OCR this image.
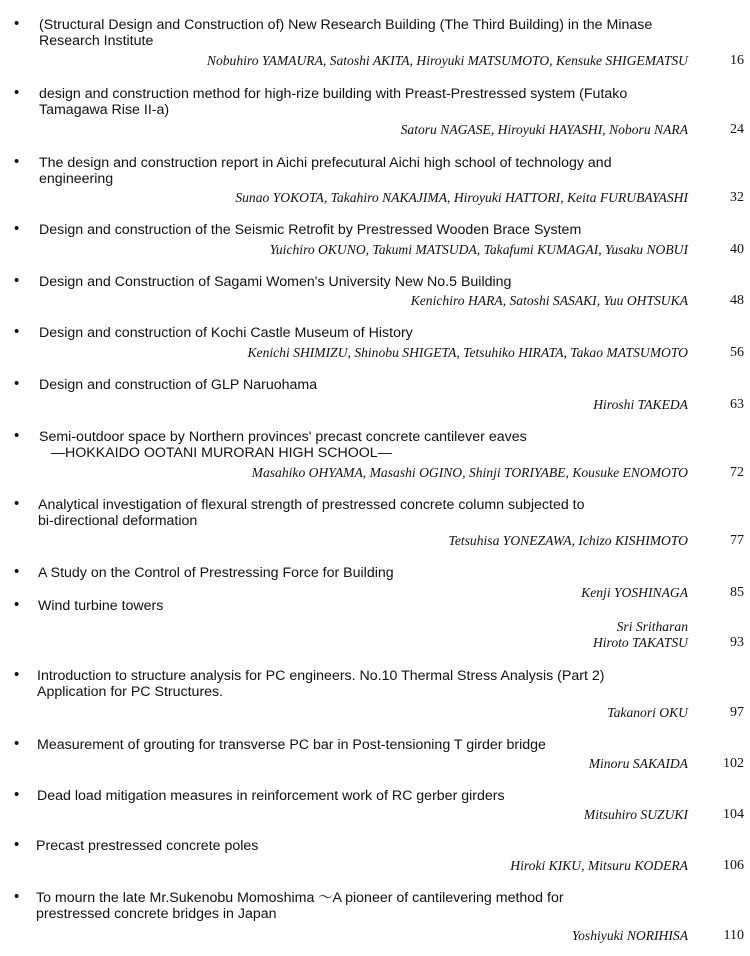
• (Structural Design and Construction of) New Research Building (The Third Building) in the Minase
Research Institute
Nobuhiro YAMAURA, Satoshi AKITA, Hiroyuki MATSUMOTO, Kensuke SHIGEMATSU	16
• design and construction method for high-rize building with Preast-Prestressed system (Futako
Tamagawa Rise II-a)
Satoru NAGASE, Hiroyuki HAYASHI, Noboru NARA	24
• The design and construction report in Aichi prefecutural Aichi high school of technology and
engineering
Sunao YOKOTA, Takahiro NAKAJIMA, Hiroyuki HATTORI, Keita FURUBAYASHI	32
• Design and construction of the Seismic Retrofit by Prestressed Wooden Brace System
Yuichiro OKUNO, Takumi MATSUDA, Takafumi KUMAGAI, Yusaku NOBUI	40
• Design and Construction of Sagami Women's University New No.5 Building
Kenichiro HARA, Satoshi SASAKI, Yuu OHTSUKA	48
• Design and construction of Kochi Castle Museum of History
Kenichi SHIMIZU, Shinobu SHIGETA, Tetsuhiko HIRATA, Takao MATSUMOTO	56
• Design and construction of GLP Naruohama
Hiroshi TAKEDA	63
• Semi-outdoor space by Northern provinces' precast concrete cantilever eaves
—HOKKAIDO OOTANI MURORAN HIGH SCHOOL—
Masahiko OHYAMA, Masashi OGINO, Shinji TORIYABE, Kousuke ENOMOTO	72
• Analytical investigation of flexural strength of prestressed concrete column subjected to
bi-directional deformation
Tetsuhisa YONEZAWA, Ichizo KISHIMOTO	77
• A Study on the Control of Prestressing Force for Building
Kenji YOSHINAGA	85
• Wind turbine towers
Sri Sritharan
Hiroto TAKATSU	93
• Introduction to structure analysis for PC engineers. No.10 Thermal Stress Analysis (Part 2)
Application for PC Structures.
Takanori OKU	97
• Measurement of grouting for transverse PC bar in Post-tensioning T girder bridge
Minoru SAKAIDA	102
• Dead load mitigation measures in reinforcement work of RC gerber girders
Mitsuhiro SUZUKI	104
• Precast prestressed concrete poles
Hiroki KIKU, Mitsuru KODERA	106
• To mourn the late Mr.Sukenobu Momoshima ～A pioneer of cantilevering method for
prestressed concrete bridges in Japan
Yoshiyuki NORIHISA	110
